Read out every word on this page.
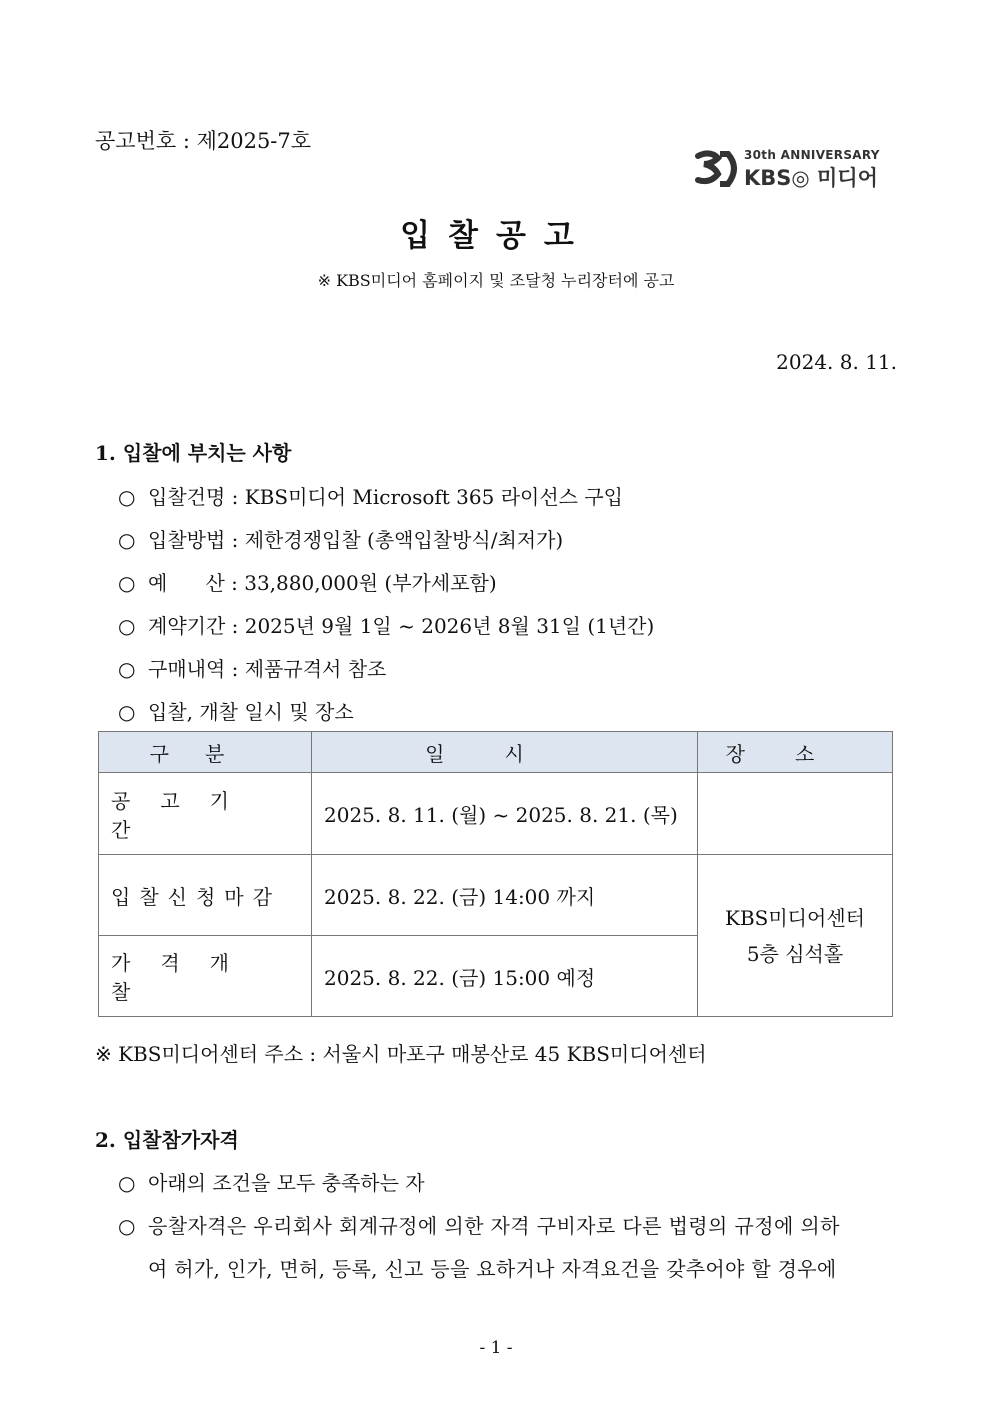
공고번호 : 제2025-7호
30th ANNIVERSARY
KBS◎ 미디어
입찰공고
※ KBS미디어 홈페이지 및 조달청 누리장터에 공고
2024. 8. 11.
1. 입찰에 부치는 사항
○ 입찰건명 : KBS미디어 Microsoft 365 라이선스 구입
○ 입찰방법 : 제한경쟁입찰 (총액입찰방식/최저가)
○ 예      산 : 33,880,000원 (부가세포함)
○ 계약기간 : 2025년 9월 1일 ~ 2026년 8월 31일 (1년간)
○ 구매내역 : 제품규격서 참조
○ 입찰, 개찰 일시 및 장소
구분	일시	장소
공고기간	2025. 8. 11. (월) ~ 2025. 8. 21. (목)	
입찰신청마감	2025. 8. 22. (금) 14:00 까지	KBS미디어센터
5층 심석홀

가격개찰	2025. 8. 22. (금) 15:00 예정	
※ KBS미디어센터 주소 : 서울시 마포구 매봉산로 45 KBS미디어센터
2. 입찰참가자격
○ 아래의 조건을 모두 충족하는 자
○ 응찰자격은 우리회사 회계규정에 의한 자격 구비자로 다른 법령의 규정에 의하
여 허가, 인가, 면허, 등록, 신고 등을 요하거나 자격요건을 갖추어야 할 경우에
- 1 -
